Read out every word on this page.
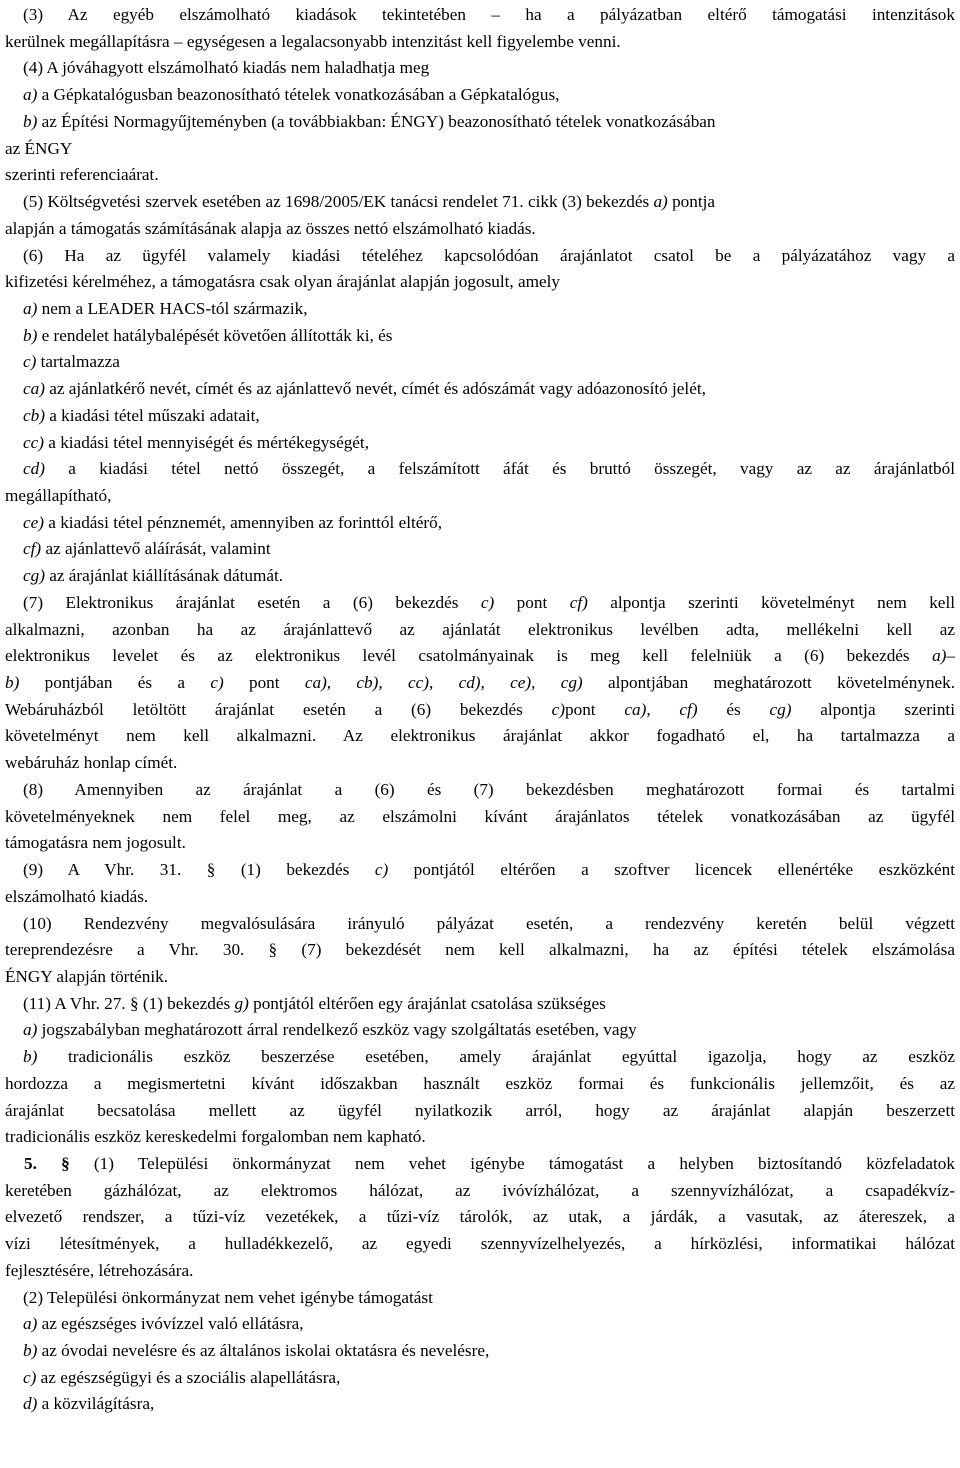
(3) Az egyéb elszámolható kiadások tekintetében – ha a pályázatban eltérő támogatási intenzitások
kerülnek megállapításra – egységesen a legalacsonyabb intenzitást kell figyelembe venni.
(4) A jóváhagyott elszámolható kiadás nem haladhatja meg
a) a Gépkatalógusban beazonosítható tételek vonatkozásában a Gépkatalógus,
b) az Építési Normagyűjteményben (a továbbiakban: ÉNGY) beazonosítható tételek vonatkozásában
az ÉNGY
szerinti referenciaárat.
(5) Költségvetési szervek esetében az 1698/2005/EK tanácsi rendelet 71. cikk (3) bekezdés a) pontja
alapján a támogatás számításának alapja az összes nettó elszámolható kiadás.
(6) Ha az ügyfél valamely kiadási tételéhez kapcsolódóan árajánlatot csatol be a pályázatához vagy a
kifizetési kérelméhez, a támogatásra csak olyan árajánlat alapján jogosult, amely
a) nem a LEADER HACS-tól származik,
b) e rendelet hatálybalépését követően állították ki, és
c) tartalmazza
ca) az ajánlatkérő nevét, címét és az ajánlattevő nevét, címét és adószámát vagy adóazonosító jelét,
cb) a kiadási tétel műszaki adatait,
cc) a kiadási tétel mennyiségét és mértékegységét,
cd) a kiadási tétel nettó összegét, a felszámított áfát és bruttó összegét, vagy az az árajánlatból
megállapítható,
ce) a kiadási tétel pénznemét, amennyiben az forinttól eltérő,
cf) az ajánlattevő aláírását, valamint
cg) az árajánlat kiállításának dátumát.
(7) Elektronikus árajánlat esetén a (6) bekezdés c) pont cf) alpontja szerinti követelményt nem kell
alkalmazni, azonban ha az árajánlattevő az ajánlatát elektronikus levélben adta, mellékelni kell az
elektronikus levelet és az elektronikus levél csatolmányainak is meg kell felelniük a (6) bekezdés a)–
b) pontjában és a c) pont ca), cb), cc), cd), ce), cg) alpontjában meghatározott követelménynek.
Webáruházból letöltött árajánlat esetén a (6) bekezdés c)pont ca), cf) és cg) alpontja szerinti
követelményt nem kell alkalmazni. Az elektronikus árajánlat akkor fogadható el, ha tartalmazza a
webáruház honlap címét.
(8) Amennyiben az árajánlat a (6) és (7) bekezdésben meghatározott formai és tartalmi
követelményeknek nem felel meg, az elszámolni kívánt árajánlatos tételek vonatkozásában az ügyfél
támogatásra nem jogosult.
(9) A Vhr. 31. § (1) bekezdés c) pontjától eltérően a szoftver licencek ellenértéke eszközként
elszámolható kiadás.
(10) Rendezvény megvalósulására irányuló pályázat esetén, a rendezvény keretén belül végzett
tereprendezésre a Vhr. 30. § (7) bekezdését nem kell alkalmazni, ha az építési tételek elszámolása
ÉNGY alapján történik.
(11) A Vhr. 27. § (1) bekezdés g) pontjától eltérően egy árajánlat csatolása szükséges
a) jogszabályban meghatározott árral rendelkező eszköz vagy szolgáltatás esetében, vagy
b) tradicionális eszköz beszerzése esetében, amely árajánlat egyúttal igazolja, hogy az eszköz
hordozza a megismertetni kívánt időszakban használt eszköz formai és funkcionális jellemzőit, és az
árajánlat becsatolása mellett az ügyfél nyilatkozik arról, hogy az árajánlat alapján beszerzett
tradicionális eszköz kereskedelmi forgalomban nem kapható.
5. § (1) Települési önkormányzat nem vehet igénybe támogatást a helyben biztosítandó közfeladatok
keretében gázhálózat, az elektromos hálózat, az ivóvízhálózat, a szennyvízhálózat, a csapadékvíz-
elvezető rendszer, a tűzi-víz vezetékek, a tűzi-víz tárolók, az utak, a járdák, a vasutak, az átereszek, a
vízi létesítmények, a hulladékkezelő, az egyedi szennyvízelhelyezés, a hírközlési, informatikai hálózat
fejlesztésére, létrehozására.
(2) Települési önkormányzat nem vehet igénybe támogatást
a) az egészséges ivóvízzel való ellátásra,
b) az óvodai nevelésre és az általános iskolai oktatásra és nevelésre,
c) az egészségügyi és a szociális alapellátásra,
d) a közvilágításra,
